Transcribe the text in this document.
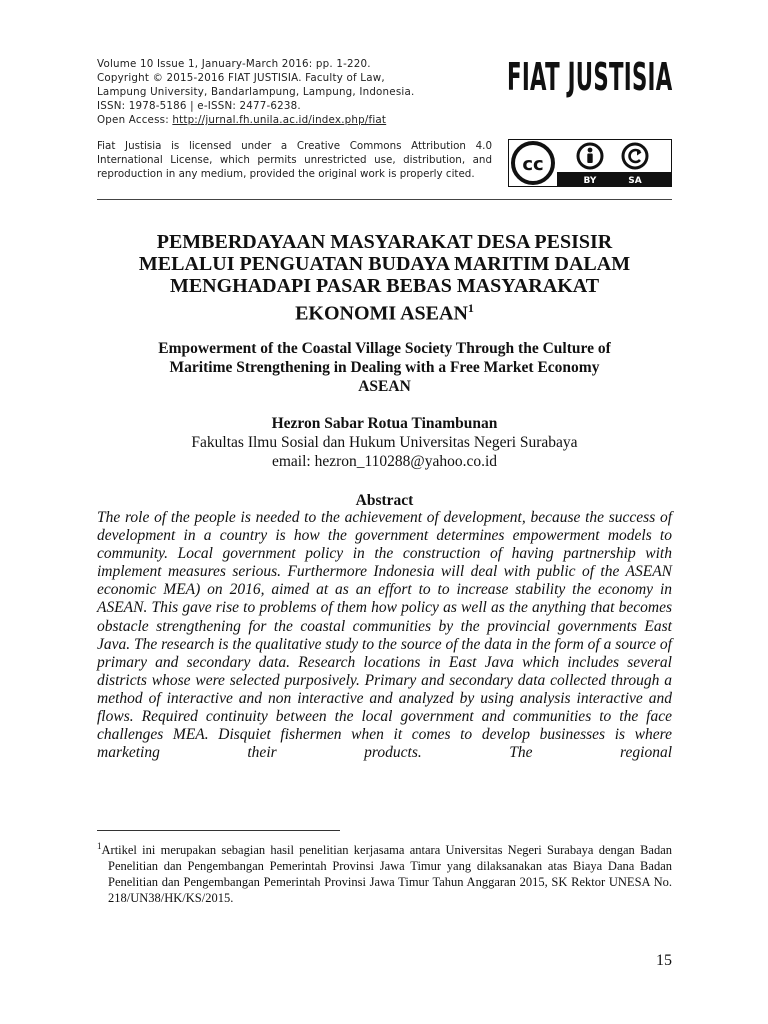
Volume 10 Issue 1, January-March 2016: pp. 1-220.
Copyright © 2015-2016 FIAT JUSTISIA. Faculty of Law,
Lampung University, Bandarlampung, Lampung, Indonesia.
ISSN: 1978-5186 | e-ISSN: 2477-6238.
Open Access: http://jurnal.fh.unila.ac.id/index.php/fiat
FIAT JUSTISIA
Fiat Justisia is licensed under a Creative Commons Attribution 4.0 International License, which permits unrestricted use, distribution, and reproduction in any medium, provided the original work is properly cited.	cc
BY	SA
PEMBERDAYAAN MASYARAKAT DESA PESISIR
MELALUI PENGUATAN BUDAYA MARITIM DALAM
MENGHADAPI PASAR BEBAS MASYARAKAT
EKONOMI ASEAN$^1$
Empowerment of the Coastal Village Society Through the Culture of
Maritime Strengthening in Dealing with a Free Market Economy
ASEAN
Hezron Sabar Rotua Tinambunan
Fakultas Ilmu Sosial dan Hukum Universitas Negeri Surabaya
email: hezron_110288@yahoo.co.id
Abstract

The role of the people is needed to the achievement of development, because the success of development in a country is how the government determines empowerment models to community. Local government policy in the construction of having partnership with implement measures serious. Furthermore Indonesia will deal with public of the ASEAN economic MEA) on 2016, aimed at as an effort to to increase stability the economy in ASEAN. This gave rise to problems of them how policy as well as the anything that becomes obstacle strengthening for the coastal communities by the provincial governments East Java. The research is the qualitative study to the source of the data in the form of a source of primary and secondary data. Research locations in East Java which includes several districts whose were selected purposively. Primary and secondary data collected through a method of interactive and non interactive and analyzed by using analysis interactive and flows. Required continuity between the local government and communities to the face challenges MEA. Disquiet fishermen when it comes to develop businesses is where marketing their products. The regional

$^1$Artikel ini merupakan sebagian hasil penelitian kerjasama antara Universitas Negeri Surabaya dengan Badan Penelitian dan Pengembangan Pemerintah Provinsi Jawa Timur yang dilaksanakan atas Biaya Dana Badan Penelitian dan Pengembangan Pemerintah Provinsi Jawa Timur Tahun Anggaran 2015, SK Rektor UNESA No. 218/UN38/HK/KS/2015.
15
